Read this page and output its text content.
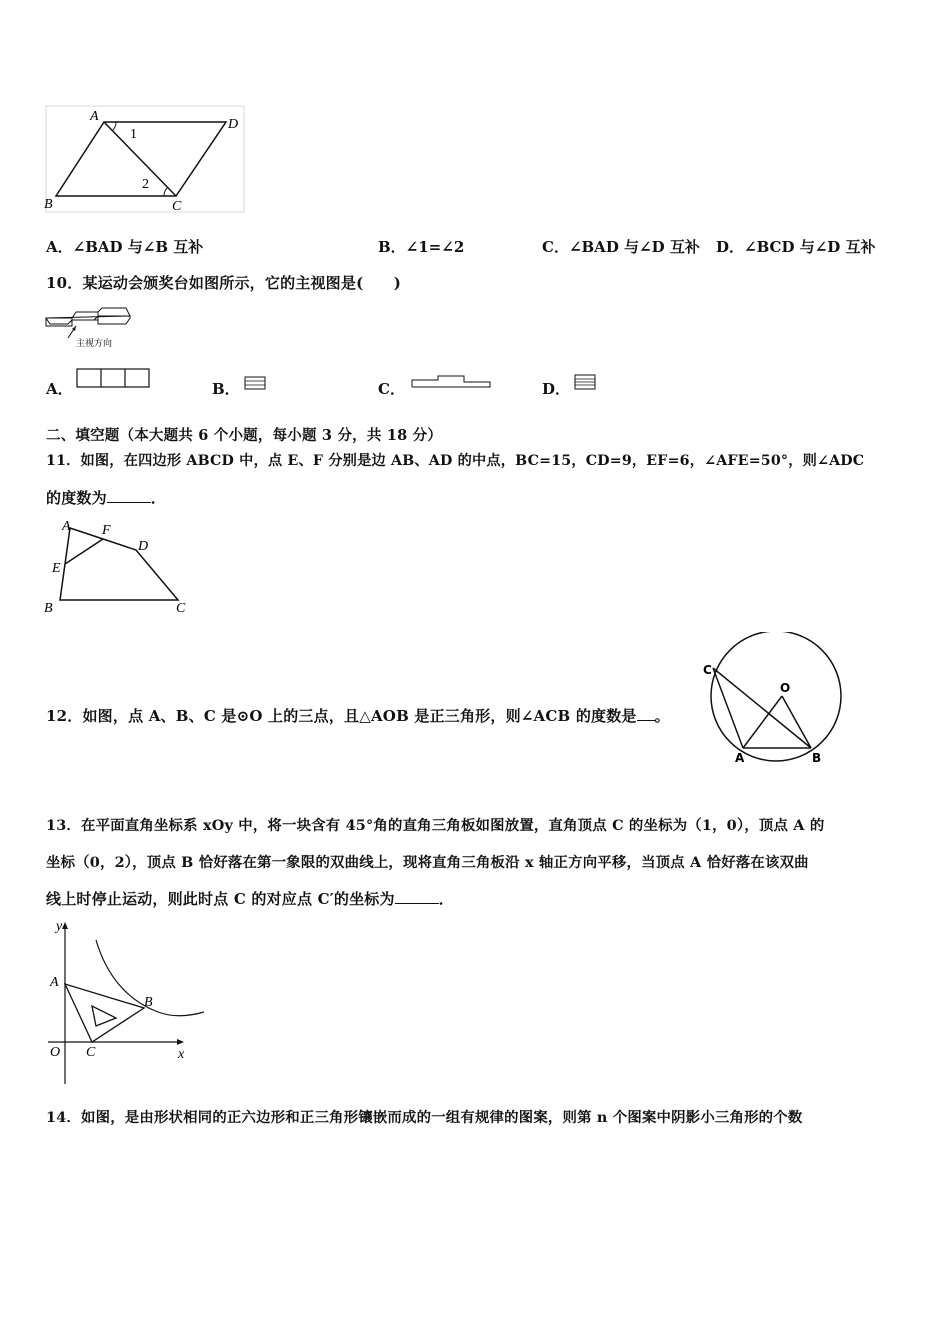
A
D
B	C
1
2
A．∠BAD 与∠B 互补	B．∠1=∠2	C．∠BAD 与∠D 互补 D．∠BCD 与∠D 互补
10．某运动会颁奖台如图所示，它的主视图是(　　)
主视方向
A．	B．	C．	D．
二、填空题（本大题共 6 个小题，每小题 3 分，共 18 分）
11．如图，在四边形 ABCD 中，点 E、F 分别是边 AB、AD 的中点，BC=15，CD=9，EF=6，∠AFE=50°，则∠ADC
的度数为	．
A F
D
E
B	C
12．如图，点 A、B、C 是⊙O 上的三点，且△AOB 是正三角形，则∠ACB 的度数是 。
C
O
A	B
13．在平面直角坐标系 xOy 中，将一块含有 45°角的直角三角板如图放置，直角顶点 C 的坐标为（1，0），顶点 A 的
坐标（0，2），顶点 B 恰好落在第一象限的双曲线上，现将直角三角板沿 x 轴正方向平移，当顶点 A 恰好落在该双曲
线上时停止运动，则此时点 C 的对应点 C′的坐标为	．
y
A
B
O C	x
14．如图，是由形状相同的正六边形和正三角形镶嵌而成的一组有规律的图案，则第 n 个图案中阴影小三角形的个数
